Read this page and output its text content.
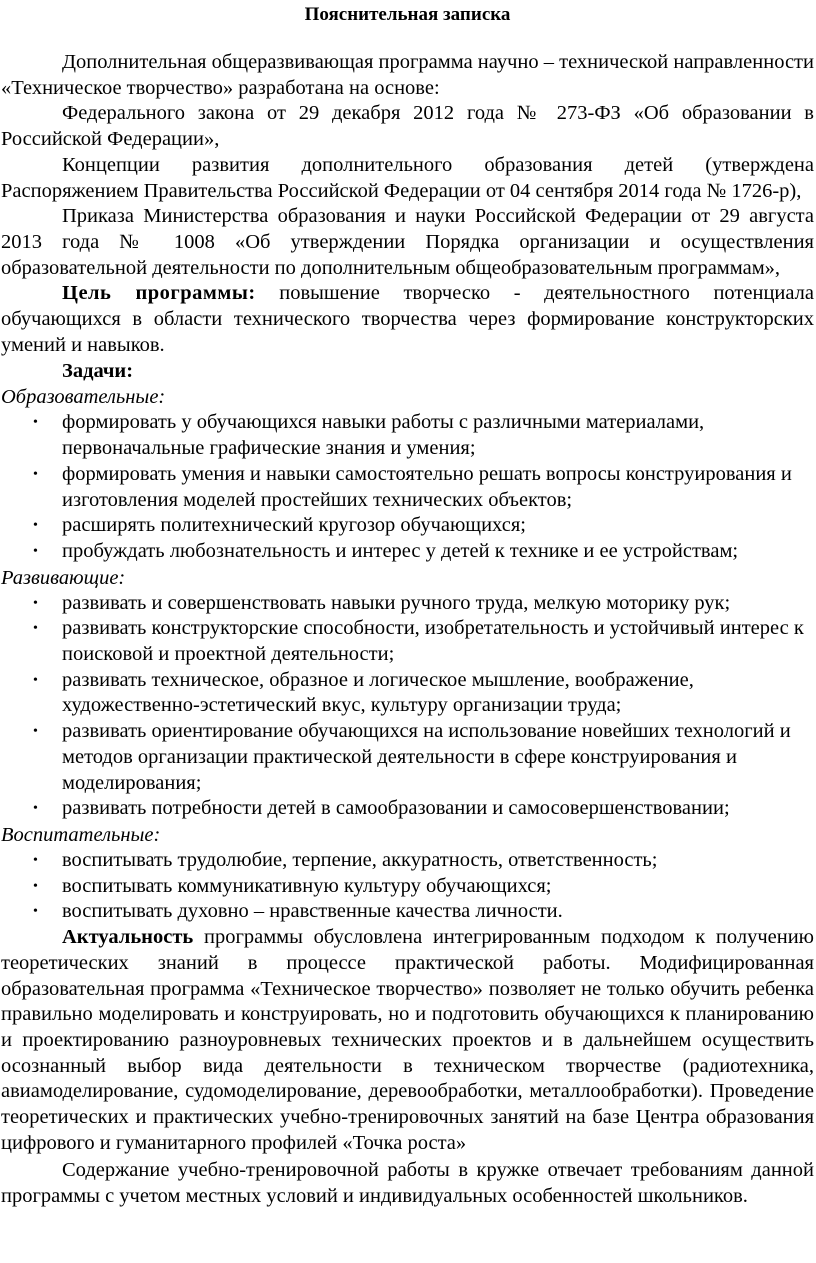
Пояснительная записка

Дополнительная общеразвивающая программа научно – технической направленности «Техническое творчество» разработана на основе:

Федерального закона от 29 декабря 2012 года № 273-ФЗ «Об образовании в Российской Федерации»,

Концепции развития дополнительного образования детей (утверждена Распоряжением Правительства Российской Федерации от 04 сентября 2014 года № 1726-р),

Приказа Министерства образования и науки Российской Федерации от 29 августа 2013 года № 1008 «Об утверждении Порядка организации и осуществления образовательной деятельности по дополнительным общеобразовательным программам»,

Цель программы: повышение творческо - деятельностного потенциала обучающихся в области технического творчества через формирование конструкторских умений и навыков.

Задачи:

Образовательные:

• формировать у обучающихся навыки работы с различными материалами, первоначальные графические знания и умения;
• формировать умения и навыки самостоятельно решать вопросы конструирования и изготовления моделей простейших технических объектов;
• расширять политехнический кругозор обучающихся;
• пробуждать любознательность и интерес у детей к технике и ее устройствам;

Развивающие:

• развивать и совершенствовать навыки ручного труда, мелкую моторику рук;
• развивать конструкторские способности, изобретательность и устойчивый интерес к поисковой и проектной деятельности;
• развивать техническое, образное и логическое мышление, воображение, художественно-эстетический вкус, культуру организации труда;
• развивать ориентирование обучающихся на использование новейших технологий и методов организации практической деятельности в сфере конструирования и моделирования;
• развивать потребности детей в самообразовании и самосовершенствовании;

Воспитательные:

• воспитывать трудолюбие, терпение, аккуратность, ответственность;
• воспитывать коммуникативную культуру обучающихся;
• воспитывать духовно – нравственные качества личности.

Актуальность программы обусловлена интегрированным подходом к получению теоретических знаний в процессе практической работы. Модифицированная образовательная программа «Техническое творчество» позволяет не только обучить ребенка правильно моделировать и конструировать, но и подготовить обучающихся к планированию и проектированию разноуровневых технических проектов и в дальнейшем осуществить осознанный выбор вида деятельности в техническом творчестве (радиотехника, авиамоделирование, судомоделирование, деревообработки, металлообработки). Проведение теоретических и практических учебно-тренировочных занятий на базе Центра образования цифрового и гуманитарного профилей «Точка роста»

Содержание учебно-тренировочной работы в кружке отвечает требованиям данной программы с учетом местных условий и индивидуальных особенностей школьников.
